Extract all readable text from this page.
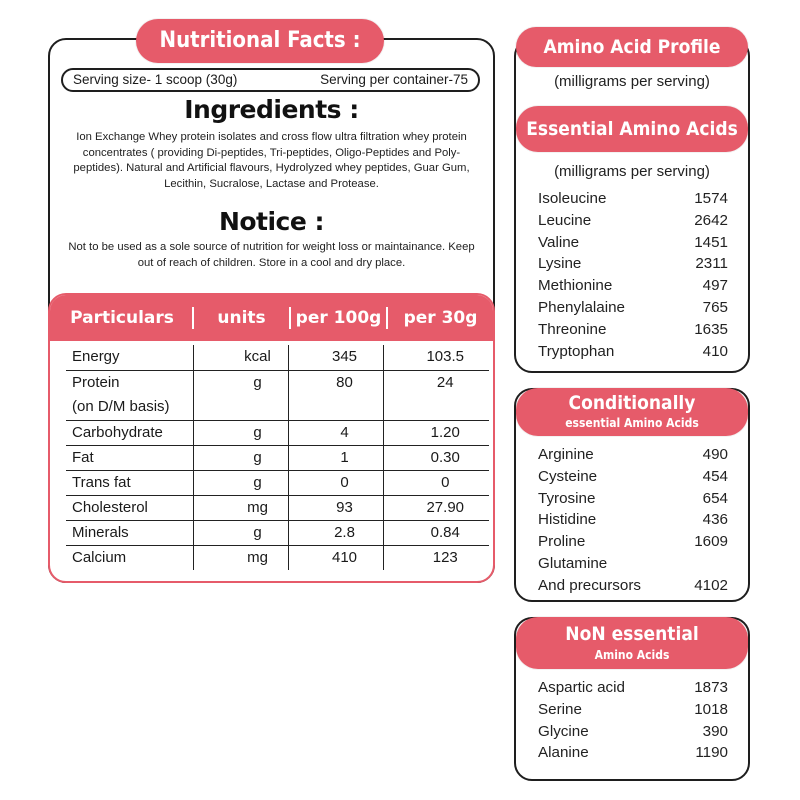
Nutritional Facts :
Serving size- 1 scoop (30g)	Serving per container-75
Ingredients :
Ion Exchange Whey protein isolates and cross flow ultra filtration whey protein concentrates ( providing Di-peptides, Tri-peptides, Oligo-Peptides and Poly-peptides). Natural and Artificial flavours, Hydrolyzed whey peptides, Guar Gum, Lecithin, Sucralose, Lactase and Protease.
Notice :
Not to be used as a sole source of nutrition for weight loss or maintainance. Keep out of reach of children. Store in a cool and dry place.
Particulars	units	per 100g	per 30g
Energy	kcal	345	103.5

Protein
(on D/M basis)	g	80	24
Carbohydrate	g	4	1.20
Fat	g	1	0.30
Trans fat	g	0	0
Cholesterol	mg	93	27.90
Minerals	g	2.8	0.84
Calcium	mg	410	123
Amino Acid Profile
(milligrams per serving)
Essential Amino Acids
(milligrams per serving)
Isoleucine	1574
Leucine	2642
Valine	1451
Lysine	2311
Methionine	497
Phenylalaine	765
Threonine	1635
Tryptophan	410
Conditionally
essential Amino Acids
Arginine	490
Cysteine	454
Tyrosine	654
Histidine	436
Proline	1609
Glutamine
And precursors	4102
NoN essential
Amino Acids
Aspartic acid	1873
Serine	1018
Glycine	390
Alanine	1190
